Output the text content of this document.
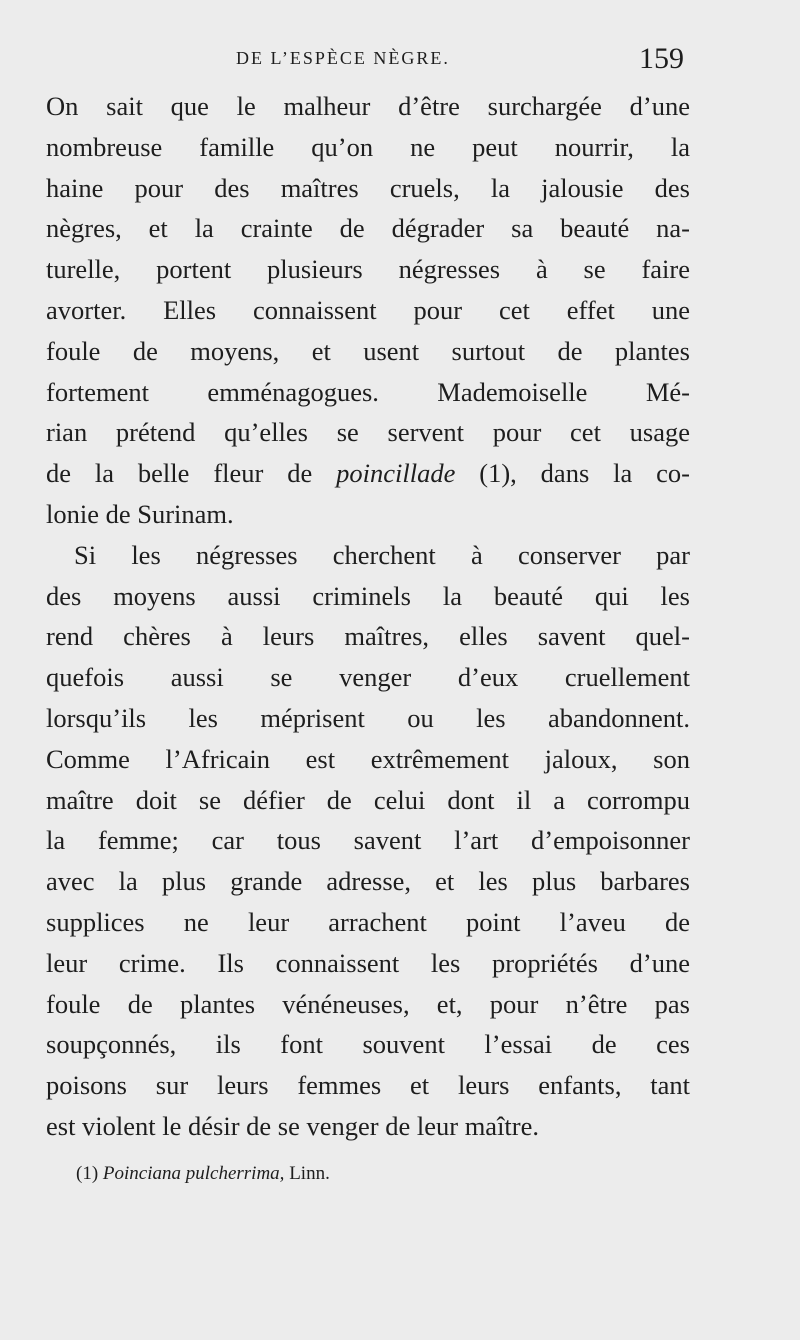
DE L’ESPÈCE NÈGRE.	159
On sait que le malheur d’être surchargée d’une
nombreuse famille qu’on ne peut nourrir, la
haine pour des maîtres cruels, la jalousie des
nègres, et la crainte de dégrader sa beauté na-
turelle, portent plusieurs négresses à se faire
avorter. Elles connaissent pour cet effet une
foule de moyens, et usent surtout de plantes
fortement emménagogues. Mademoiselle Mé-
rian prétend qu’elles se servent pour cet usage
de la belle fleur de poincillade (1), dans la co-
lonie de Surinam.
Si les négresses cherchent à conserver par
des moyens aussi criminels la beauté qui les
rend chères à leurs maîtres, elles savent quel-
quefois aussi se venger d’eux cruellement
lorsqu’ils les méprisent ou les abandonnent.
Comme l’Africain est extrêmement jaloux, son
maître doit se défier de celui dont il a corrompu
la femme; car tous savent l’art d’empoisonner
avec la plus grande adresse, et les plus barbares
supplices ne leur arrachent point l’aveu de
leur crime. Ils connaissent les propriétés d’une
foule de plantes vénéneuses, et, pour n’être pas
soupçonnés, ils font souvent l’essai de ces
poisons sur leurs femmes et leurs enfants, tant
est violent le désir de se venger de leur maître.
(1) Poinciana pulcherrima, Linn.
